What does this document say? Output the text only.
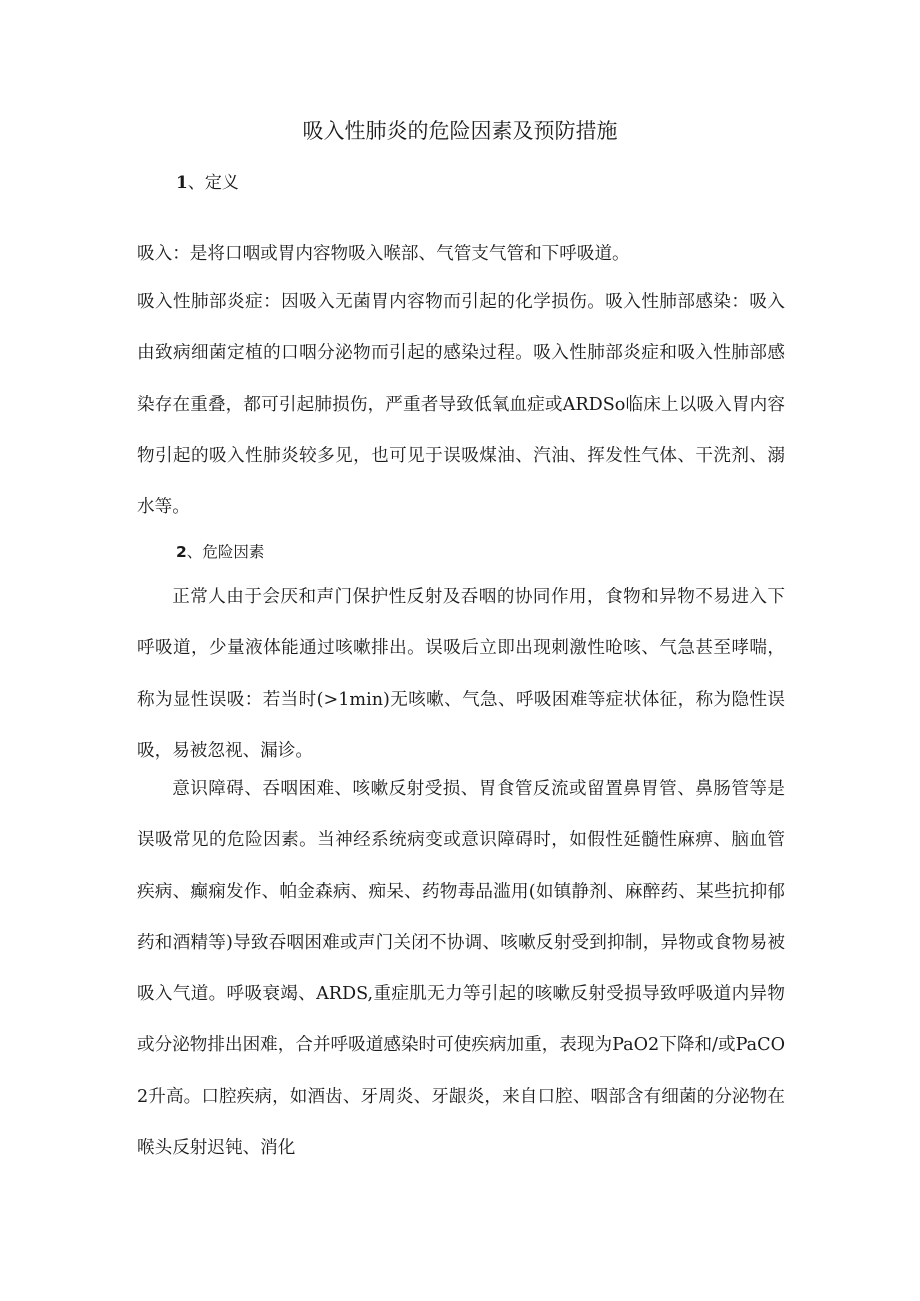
吸入性肺炎的危险因素及预防措施
1、定义

吸入：是将口咽或胃内容物吸入喉部、气管支气管和下呼吸道。

吸入性肺部炎症：因吸入无菌胃内容物而引起的化学损伤。吸入性肺部感染：吸入由致病细菌定植的口咽分泌物而引起的感染过程。吸入性肺部炎症和吸入性肺部感染存在重叠，都可引起肺损伤，严重者导致低氧血症或ARDSo临床上以吸入胃内容物引起的吸入性肺炎较多见，也可见于误吸煤油、汽油、挥发性气体、干洗剂、溺水等。

2、危险因素

正常人由于会厌和声门保护性反射及吞咽的协同作用，食物和异物不易进入下呼吸道，少量液体能通过咳嗽排出。误吸后立即出现刺激性呛咳、气急甚至哮喘，称为显性误吸：若当时(>1min)无咳嗽、气急、呼吸困难等症状体征，称为隐性误吸，易被忽视、漏诊。

意识障碍、吞咽困难、咳嗽反射受损、胃食管反流或留置鼻胃管、鼻肠管等是误吸常见的危险因素。当神经系统病变或意识障碍时，如假性延髓性麻痹、脑血管疾病、癫痫发作、帕金森病、痴呆、药物毒品滥用(如镇静剂、麻醉药、某些抗抑郁药和酒精等)导致吞咽困难或声门关闭不协调、咳嗽反射受到抑制，异物或食物易被吸入气道。呼吸衰竭、ARDS,重症肌无力等引起的咳嗽反射受损导致呼吸道内异物或分泌物排出困难，合并呼吸道感染时可使疾病加重，表现为PaO2下降和/或PaCO2升高。口腔疾病，如酒齿、牙周炎、牙龈炎，来自口腔、咽部含有细菌的分泌物在喉头反射迟钝、消化
